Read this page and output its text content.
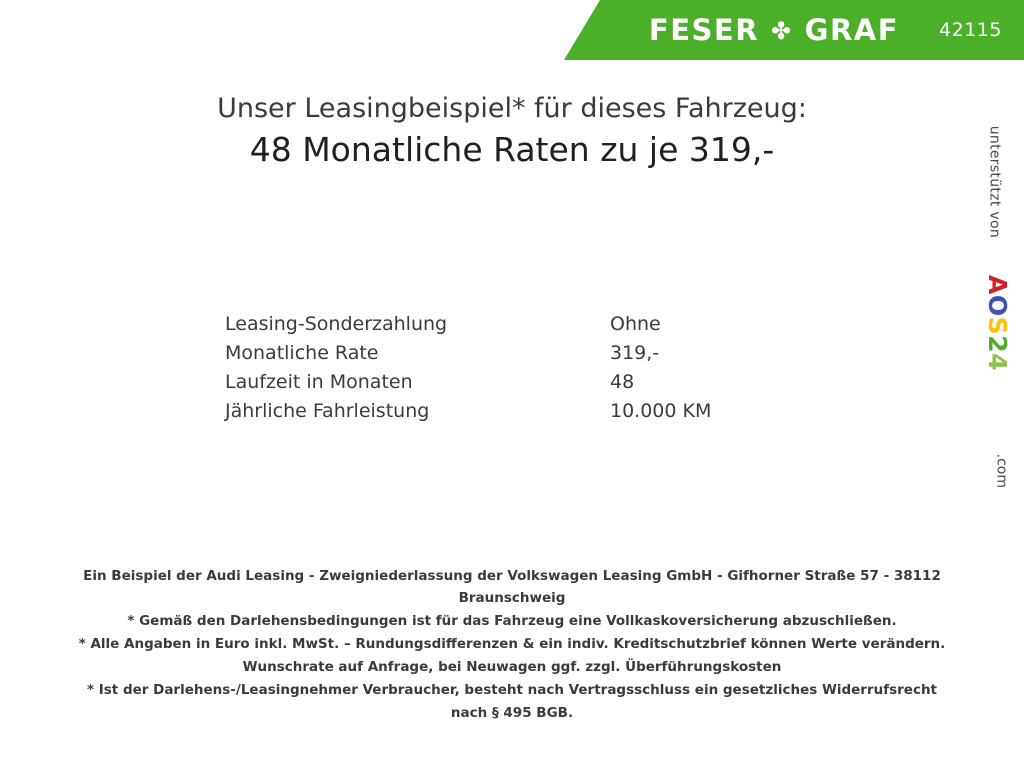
FESER ✤ GRAF 42115
Unser Leasingbeispiel* für dieses Fahrzeug:
48 Monatliche Raten zu je 319,-
Leasing-Sonderzahlung	Ohne
Monatliche Rate	319,-
Laufzeit in Monaten	48
Jährliche Fahrleistung	10.000 KM
unterstützt von
AOS24
.com

Ein Beispiel der Audi Leasing - Zweigniederlassung der Volkswagen Leasing GmbH - Gifhorner Straße 57 - 38112

Braunschweig

* Gemäß den Darlehensbedingungen ist für das Fahrzeug eine Vollkaskoversicherung abzuschließen.

* Alle Angaben in Euro inkl. MwSt. – Rundungsdifferenzen & ein indiv. Kreditschutzbrief können Werte verändern.

Wunschrate auf Anfrage, bei Neuwagen ggf. zzgl. Überführungskosten

* Ist der Darlehens-/Leasingnehmer Verbraucher, besteht nach Vertragsschluss ein gesetzliches Widerrufsrecht

nach § 495 BGB.
